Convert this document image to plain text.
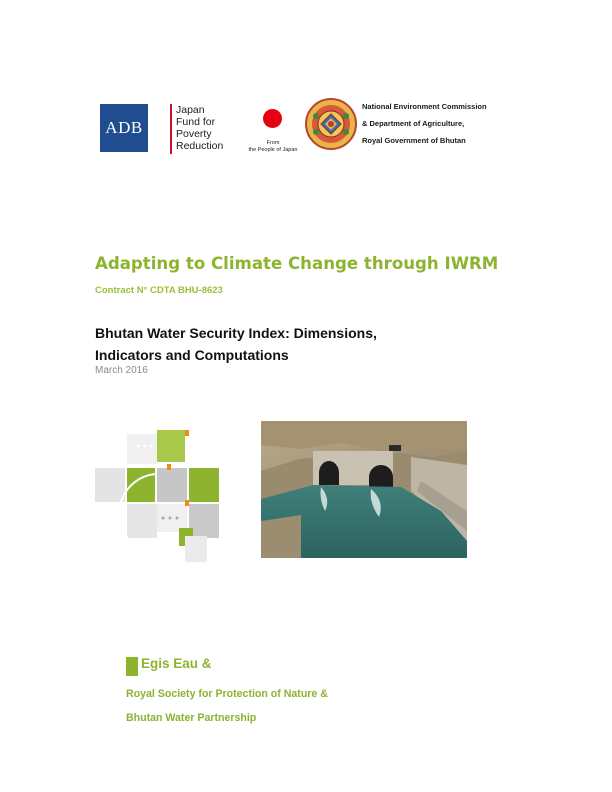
ADB
Japan
Fund for
Poverty
Reduction	From
the People of Japan
National Environment Commission
& Department of Agriculture,
Royal Government of Bhutan
Adapting to Climate Change through IWRM
Contract N° CDTA BHU-8623
Bhutan Water Security Index: Dimensions,
Indicators and Computations
March 2016
Egis Eau &
Royal Society for Protection of Nature &
Bhutan Water Partnership
